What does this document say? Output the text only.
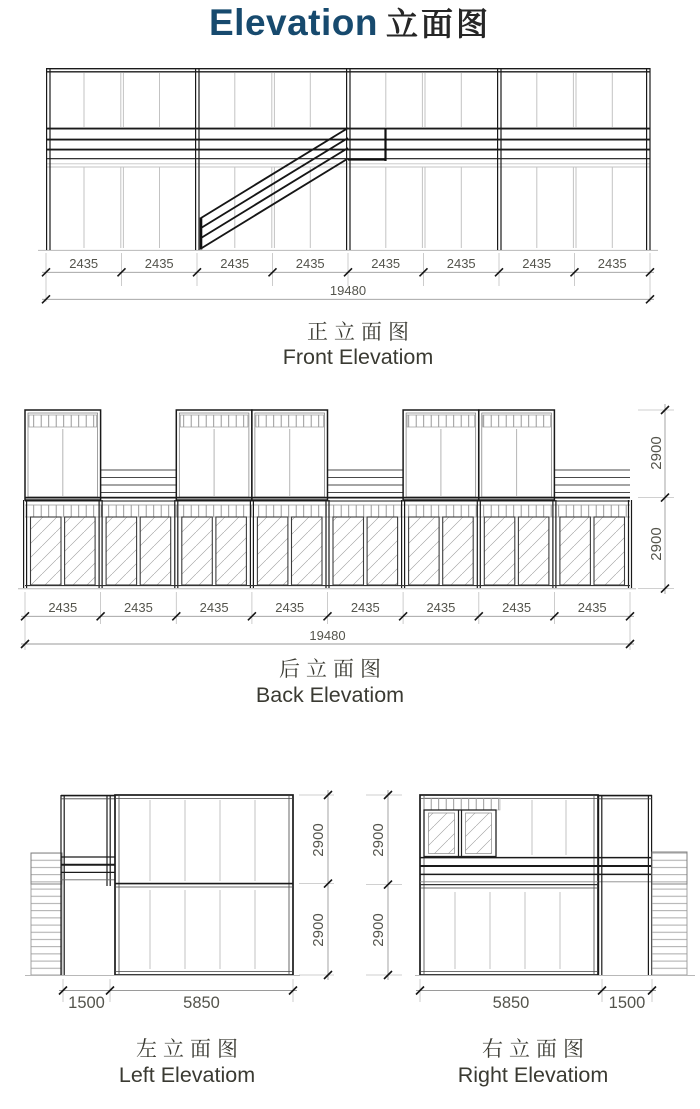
Elevation 立面图
2435	2435	2435	2435	2435	2435	2435	2435
19480
正立面图
Front Elevatiom
2900
2900
2435	2435	2435	2435	2435	2435	2435	2435
19480
后立面图
Back Elevatiom
1500	5850
2900
2900
左立面图
Left Elevatiom
2900
2900
5850	1500
右立面图
Right Elevatiom
